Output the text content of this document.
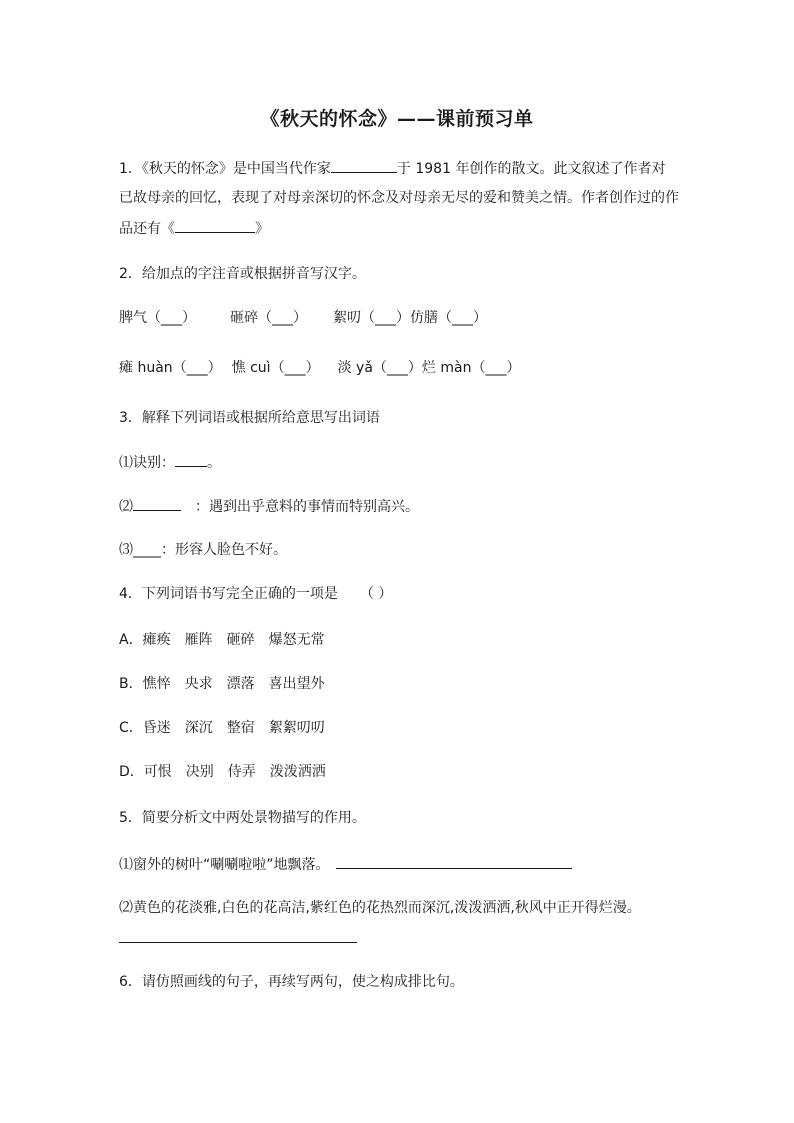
《秋天的怀念》——课前预习单
1．《秋天的怀念》是中国当代作家	于 1981 年创作的散文。此文叙述了作者对
已故母亲的回忆，表现了对母亲深切的怀念及对母亲无尽的爱和赞美之情。作者创作过的作
品还有《	》
2．给加点的字注音或根据拼音写汉字。
脾气（___） 砸碎（___） 絮叨（___）仿膳（___）
瘫 huàn（___） 憔 cuì（___） 淡 yǎ（___）烂 màn（___）
3．解释下列词语或根据所给意思写出词语
⑴诀别： 。
⑵	：遇到出乎意料的事情而特别高兴。
⑶____：形容人脸色不好。
4．下列词语书写完全正确的一项是 （ ）
A．瘫痪　雁阵　砸碎　爆怒无常
B．憔悴　央求　漂落　喜出望外
C．昏迷　深沉　整宿　絮絮叨叨
D．可恨　决别　侍弄　泼泼洒洒
5．简要分析文中两处景物描写的作用。
⑴窗外的树叶“唰唰啦啦”地飘落。
⑵黄色的花淡雅,白色的花高洁,紫红色的花热烈而深沉,泼泼洒洒,秋风中正开得烂漫。
6．请仿照画线的句子，再续写两句，使之构成排比句。
